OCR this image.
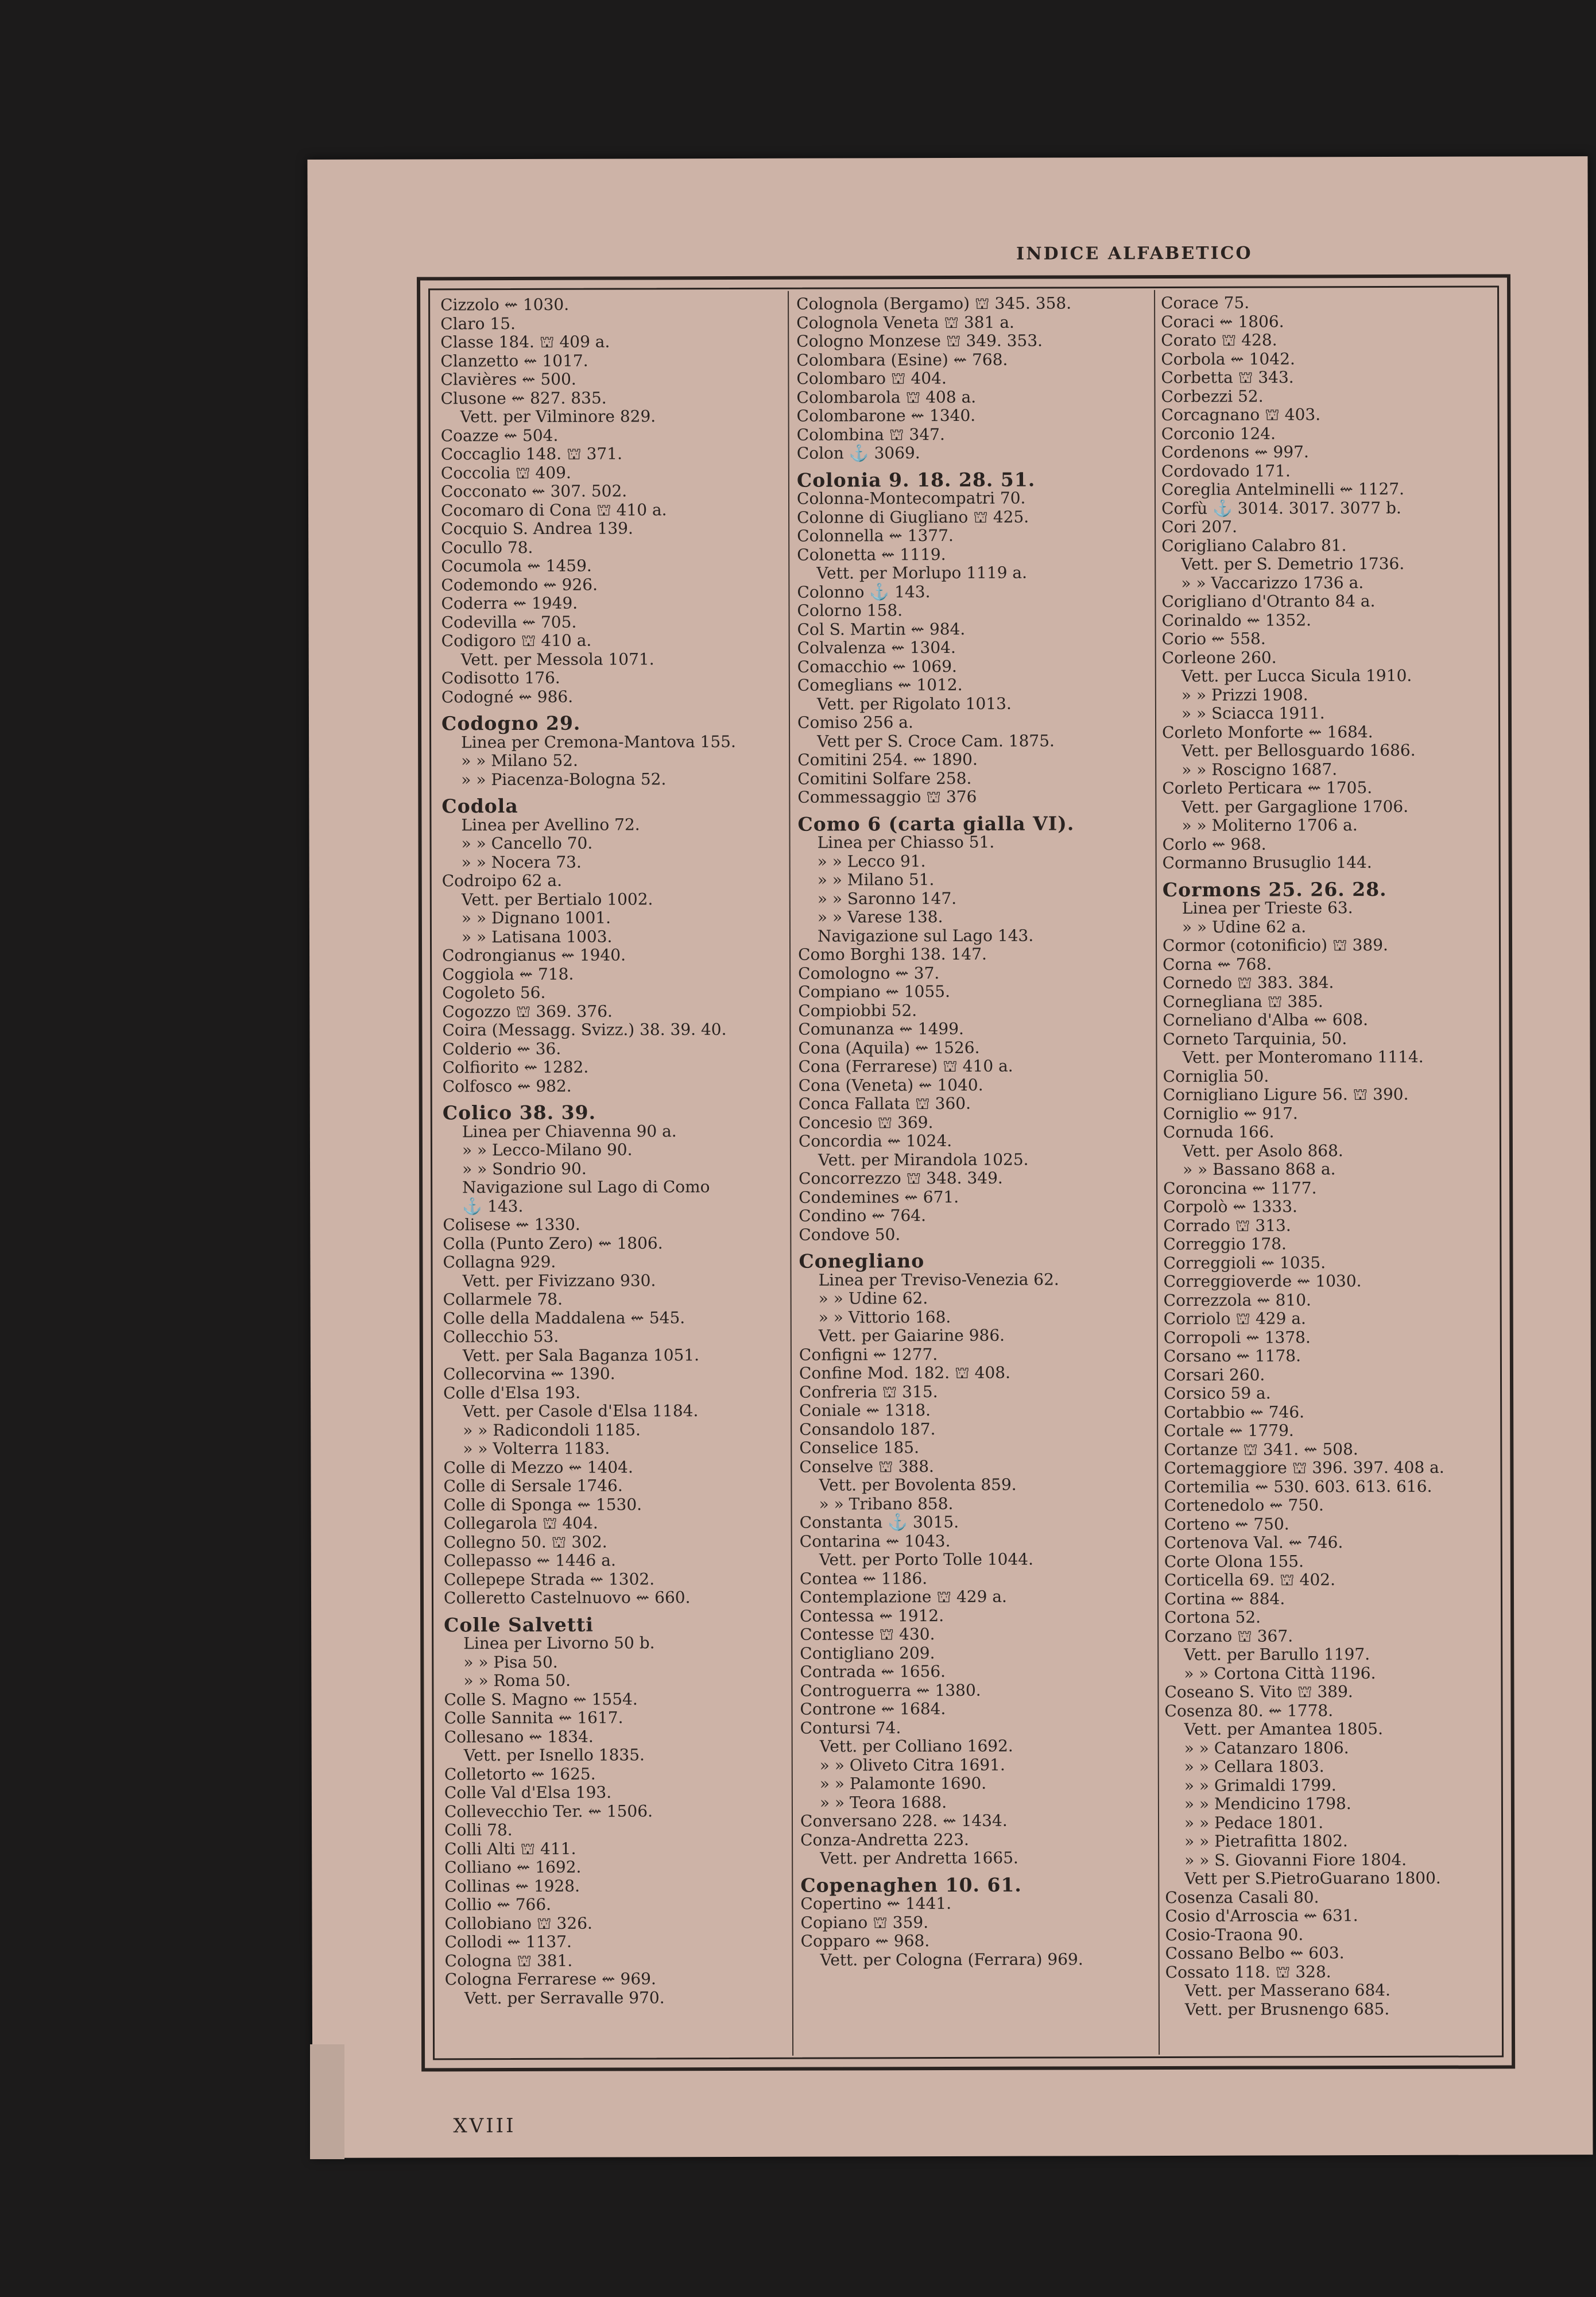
INDICE ALFABETICO
Cizzolo ⇜ 1030.
Claro 15.
Classe 184. ⛫ 409 a.
Clanzetto ⇜ 1017.
Clavières ⇜ 500.
Clusone ⇜ 827. 835.
Vett. per Vilminore 829.
Coazze ⇜ 504.
Coccaglio 148. ⛫ 371.
Coccolia ⛫ 409.
Cocconato ⇜ 307. 502.
Cocomaro di Cona ⛫ 410 a.
Cocquio S. Andrea 139.
Cocullo 78.
Cocumola ⇜ 1459.
Codemondo ⇜ 926.
Coderra ⇜ 1949.
Codevilla ⇜ 705.
Codigoro ⛫ 410 a.
Vett. per Messola 1071.
Codisotto 176.
Codogné ⇜ 986.
Codogno 29.
Linea per Cremona-Mantova 155.
» » Milano 52.
» » Piacenza-Bologna 52.
Codola
Linea per Avellino 72.
» » Cancello 70.
» » Nocera 73.
Codroipo 62 a.
Vett. per Bertialo 1002.
» » Dignano 1001.
» » Latisana 1003.
Codrongianus ⇜ 1940.
Coggiola ⇜ 718.
Cogoleto 56.
Cogozzo ⛫ 369. 376.
Coira (Messagg. Svizz.) 38. 39. 40.
Colderio ⇜ 36.
Colfiorito ⇜ 1282.
Colfosco ⇜ 982.
Colico 38. 39.
Linea per Chiavenna 90 a.
» » Lecco-Milano 90.
» » Sondrio 90.
Navigazione sul Lago di Como
⚓ 143.
Colisese ⇜ 1330.
Colla (Punto Zero) ⇜ 1806.
Collagna 929.
Vett. per Fivizzano 930.
Collarmele 78.
Colle della Maddalena ⇜ 545.
Collecchio 53.
Vett. per Sala Baganza 1051.
Collecorvina ⇜ 1390.
Colle d'Elsa 193.
Vett. per Casole d'Elsa 1184.
» » Radicondoli 1185.
» » Volterra 1183.
Colle di Mezzo ⇜ 1404.
Colle di Sersale 1746.
Colle di Sponga ⇜ 1530.
Collegarola ⛫ 404.
Collegno 50. ⛫ 302.
Collepasso ⇜ 1446 a.
Collepepe Strada ⇜ 1302.
Colleretto Castelnuovo ⇜ 660.
Colle Salvetti
Linea per Livorno 50 b.
» » Pisa 50.
» » Roma 50.
Colle S. Magno ⇜ 1554.
Colle Sannita ⇜ 1617.
Collesano ⇜ 1834.
Vett. per Isnello 1835.
Colletorto ⇜ 1625.
Colle Val d'Elsa 193.
Collevecchio Ter. ⇜ 1506.
Colli 78.
Colli Alti ⛫ 411.
Colliano ⇜ 1692.
Collinas ⇜ 1928.
Collio ⇜ 766.
Collobiano ⛫ 326.
Collodi ⇜ 1137.
Cologna ⛫ 381.
Cologna Ferrarese ⇜ 969.
Vett. per Serravalle 970.
Colognola (Bergamo) ⛫ 345. 358.
Colognola Veneta ⛫ 381 a.
Cologno Monzese ⛫ 349. 353.
Colombara (Esine) ⇜ 768.
Colombaro ⛫ 404.
Colombarola ⛫ 408 a.
Colombarone ⇜ 1340.
Colombina ⛫ 347.
Colon ⚓ 3069.
Colonia 9. 18. 28. 51.
Colonna-Montecompatri 70.
Colonne di Giugliano ⛫ 425.
Colonnella ⇜ 1377.
Colonetta ⇜ 1119.
Vett. per Morlupo 1119 a.
Colonno ⚓ 143.
Colorno 158.
Col S. Martin ⇜ 984.
Colvalenza ⇜ 1304.
Comacchio ⇜ 1069.
Comeglians ⇜ 1012.
Vett. per Rigolato 1013.
Comiso 256 a.
Vett per S. Croce Cam. 1875.
Comitini 254. ⇜ 1890.
Comitini Solfare 258.
Commessaggio ⛫ 376
Como 6 (carta gialla VI).
Linea per Chiasso 51.
» » Lecco 91.
» » Milano 51.
» » Saronno 147.
» » Varese 138.
Navigazione sul Lago 143.
Como Borghi 138. 147.
Comologno ⇜ 37.
Compiano ⇜ 1055.
Compiobbi 52.
Comunanza ⇜ 1499.
Cona (Aquila) ⇜ 1526.
Cona (Ferrarese) ⛫ 410 a.
Cona (Veneta) ⇜ 1040.
Conca Fallata ⛫ 360.
Concesio ⛫ 369.
Concordia ⇜ 1024.
Vett. per Mirandola 1025.
Concorrezzo ⛫ 348. 349.
Condemines ⇜ 671.
Condino ⇜ 764.
Condove 50.
Conegliano
Linea per Treviso-Venezia 62.
» » Udine 62.
» » Vittorio 168.
Vett. per Gaiarine 986.
Configni ⇜ 1277.
Confine Mod. 182. ⛫ 408.
Confreria ⛫ 315.
Coniale ⇜ 1318.
Consandolo 187.
Conselice 185.
Conselve ⛫ 388.
Vett. per Bovolenta 859.
» » Tribano 858.
Constanta ⚓ 3015.
Contarina ⇜ 1043.
Vett. per Porto Tolle 1044.
Contea ⇜ 1186.
Contemplazione ⛫ 429 a.
Contessa ⇜ 1912.
Contesse ⛫ 430.
Contigliano 209.
Contrada ⇜ 1656.
Controguerra ⇜ 1380.
Controne ⇜ 1684.
Contursi 74.
Vett. per Colliano 1692.
» » Oliveto Citra 1691.
» » Palamonte 1690.
» » Teora 1688.
Conversano 228. ⇜ 1434.
Conza-Andretta 223.
Vett. per Andretta 1665.
Copenaghen 10. 61.
Copertino ⇜ 1441.
Copiano ⛫ 359.
Copparo ⇜ 968.
Vett. per Cologna (Ferrara) 969.
Corace 75.
Coraci ⇜ 1806.
Corato ⛫ 428.
Corbola ⇜ 1042.
Corbetta ⛫ 343.
Corbezzi 52.
Corcagnano ⛫ 403.
Corconio 124.
Cordenons ⇜ 997.
Cordovado 171.
Coreglia Antelminelli ⇜ 1127.
Corfù ⚓ 3014. 3017. 3077 b.
Cori 207.
Corigliano Calabro 81.
Vett. per S. Demetrio 1736.
» » Vaccarizzo 1736 a.
Corigliano d'Otranto 84 a.
Corinaldo ⇜ 1352.
Corio ⇜ 558.
Corleone 260.
Vett. per Lucca Sicula 1910.
» » Prizzi 1908.
» » Sciacca 1911.
Corleto Monforte ⇜ 1684.
Vett. per Bellosguardo 1686.
» » Roscigno 1687.
Corleto Perticara ⇜ 1705.
Vett. per Gargaglione 1706.
» » Moliterno 1706 a.
Corlo ⇜ 968.
Cormanno Brusuglio 144.
Cormons 25. 26. 28.
Linea per Trieste 63.
» » Udine 62 a.
Cormor (cotonificio) ⛫ 389.
Corna ⇜ 768.
Cornedo ⛫ 383. 384.
Cornegliana ⛫ 385.
Corneliano d'Alba ⇜ 608.
Corneto Tarquinia, 50.
Vett. per Monteromano 1114.
Corniglia 50.
Cornigliano Ligure 56. ⛫ 390.
Corniglio ⇜ 917.
Cornuda 166.
Vett. per Asolo 868.
» » Bassano 868 a.
Coroncina ⇜ 1177.
Corpolò ⇜ 1333.
Corrado ⛫ 313.
Correggio 178.
Correggioli ⇜ 1035.
Correggioverde ⇜ 1030.
Correzzola ⇜ 810.
Corriolo ⛫ 429 a.
Corropoli ⇜ 1378.
Corsano ⇜ 1178.
Corsari 260.
Corsico 59 a.
Cortabbio ⇜ 746.
Cortale ⇜ 1779.
Cortanze ⛫ 341. ⇜ 508.
Cortemaggiore ⛫ 396. 397. 408 a.
Cortemilia ⇜ 530. 603. 613. 616.
Cortenedolo ⇜ 750.
Corteno ⇜ 750.
Cortenova Val. ⇜ 746.
Corte Olona 155.
Corticella 69. ⛫ 402.
Cortina ⇜ 884.
Cortona 52.
Corzano ⛫ 367.
Vett. per Barullo 1197.
» » Cortona Città 1196.
Coseano S. Vito ⛫ 389.
Cosenza 80. ⇜ 1778.
Vett. per Amantea 1805.
» » Catanzaro 1806.
» » Cellara 1803.
» » Grimaldi 1799.
» » Mendicino 1798.
» » Pedace 1801.
» » Pietrafitta 1802.
» » S. Giovanni Fiore 1804.
Vett per S.PietroGuarano 1800.
Cosenza Casali 80.
Cosio d'Arroscia ⇜ 631.
Cosio-Traona 90.
Cossano Belbo ⇜ 603.
Cossato 118. ⛫ 328.
Vett. per Masserano 684.
Vett. per Brusnengo 685.
XVIII
